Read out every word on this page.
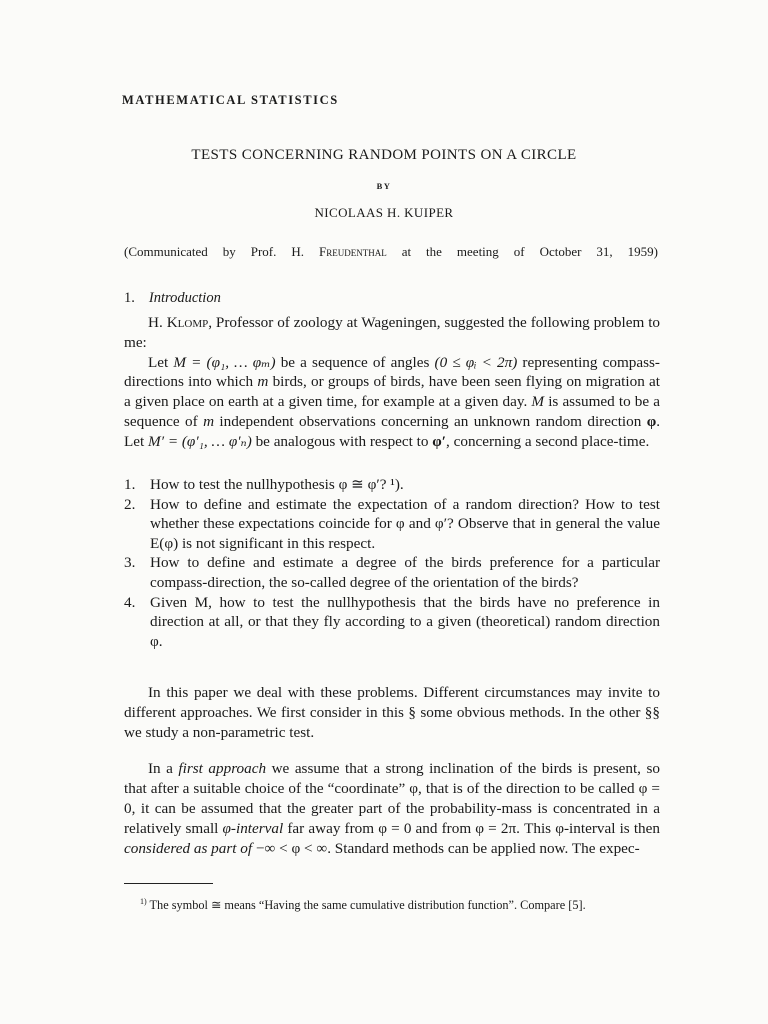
MATHEMATICAL STATISTICS
TESTS CONCERNING RANDOM POINTS ON A CIRCLE
BY
NICOLAAS H. KUIPER
(Communicated by Prof. H. Freudenthal at the meeting of October 31, 1959)
1. Introduction

H. Klomp, Professor of zoology at Wageningen, suggested the following problem to me:

Let M = (φ₁, … φₘ) be a sequence of angles (0 ≤ φᵢ < 2π) representing compass-directions into which m birds, or groups of birds, have been seen flying on migration at a given place on earth at a given time, for example at a given day. M is assumed to be a sequence of m independent observations concerning an unknown random direction φ. Let M′ = (φ′₁, … φ′ₙ) be analogous with respect to φ′, concerning a second place-time.

1. How to test the nullhypothesis φ ≅ φ′? ¹).
2. How to define and estimate the expectation of a random direction? How to test whether these expectations coincide for φ and φ′? Observe that in general the value E(φ) is not significant in this respect.
3. How to define and estimate a degree of the birds preference for a particular compass-direction, the so-called degree of the orientation of the birds?
4. Given M, how to test the nullhypothesis that the birds have no preference in direction at all, or that they fly according to a given (theoretical) random direction φ.

In this paper we deal with these problems. Different circumstances may invite to different approaches. We first consider in this § some obvious methods. In the other §§ we study a non-parametric test.

In a first approach we assume that a strong inclination of the birds is present, so that after a suitable choice of the “coordinate” φ, that is of the direction to be called φ = 0, it can be assumed that the greater part of the probability-mass is concentrated in a relatively small φ-interval far away from φ = 0 and from φ = 2π. This φ-interval is then considered as part of −∞ < φ < ∞. Standard methods can be applied now. The expec-

$^{1)}$ The symbol ≅ means “Having the same cumulative distribution function”. Compare [5].
